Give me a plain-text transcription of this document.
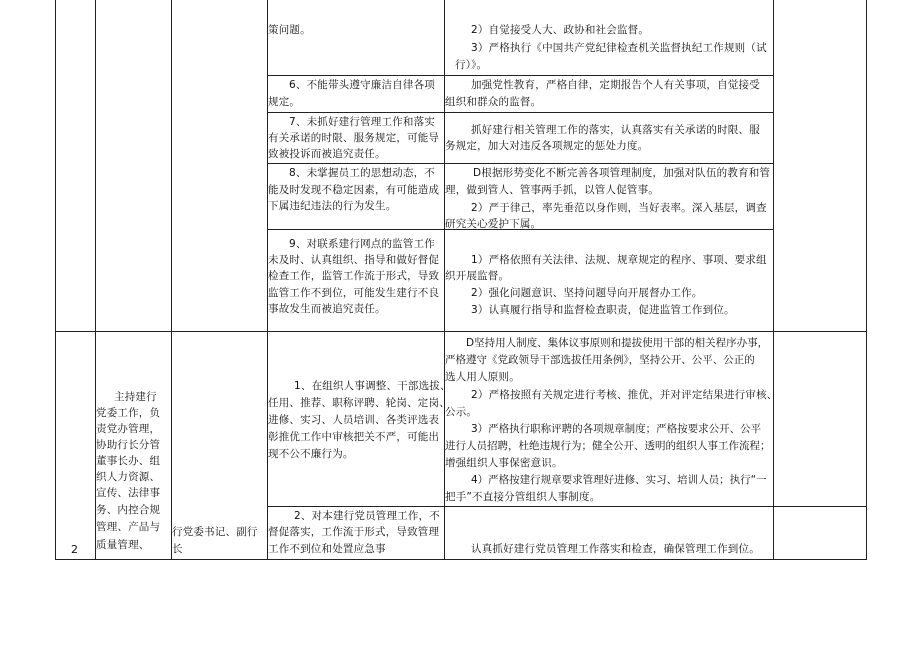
策问题。
6、不能带头遵守廉洁自律各项
规定。
7、未抓好建行管理工作和落实
有关承诺的时限、服务规定，可能导
致被投诉而被追究责任。
8、未掌握员工的思想动态，不
能及时发现不稳定因素，有可能造成
下属违纪违法的行为发生。
9、对联系建行网点的监管工作
未及时、认真组织、指导和做好督促
检查工作，监管工作流于形式，导致
监管工作不到位，可能发生建行不良
事故发生而被追究责任。
2）自觉接受人大、政协和社会监督。
3）严格执行《中国共产党纪律检查机关监督执纪工作规则（试
行）》。
加强党性教育，严格自律，定期报告个人有关事项，自觉接受
组织和群众的监督。
抓好建行相关管理工作的落实，认真落实有关承诺的时限、服
务规定，加大对违反各项规定的惩处力度。
D根据形势变化不断完善各项管理制度，加强对队伍的教育和管
理，做到管人、管事两手抓，以管人促管事。
2）严于律己，率先垂范以身作则，当好表率。深入基层，调查
研究关心爱护下属。
1）严格依照有关法律、法规、规章规定的程序、事项、要求组
织开展监督。
2）强化问题意识、坚持问题导向开展督办工作。
3）认真履行指导和监督检查职责，促进监管工作到位。
2
主持建行
党委工作，负
责党办管理，
协助行长分管
董事长办、组
织人力资源、
宣传、法律事
务、内控合规
管理、产品与
质量管理、
行党委书记、副行
长
1、在组织人事调整、干部选拔、
任用、推荐、职称评聘、轮岗、定岗、
进修、实习、人员培训、各类评选表
彰推优工作中审核把关不严，可能出
现不公不廉行为。
2、对本建行党员管理工作，不
督促落实，工作流于形式，导致管理
工作不到位和处置应急事
D坚持用人制度、集体议事原则和提拔使用干部的相关程序办事，
严格遵守《党政领导干部选拔任用条例》，坚持公开、公平、公正的
选人用人原则。
2）严格按照有关规定进行考核、推优，并对评定结果进行审核、
公示。
3）严格执行职称评聘的各项规章制度；严格按要求公开、公平
进行人员招聘，杜绝违规行为；健全公开、透明的组织人事工作流程；
增强组织人事保密意识。
4）严格按建行规章要求管理好进修、实习、培训人员；执行“一
把手”不直接分管组织人事制度。
认真抓好建行党员管理工作落实和检查，确保管理工作到位。
